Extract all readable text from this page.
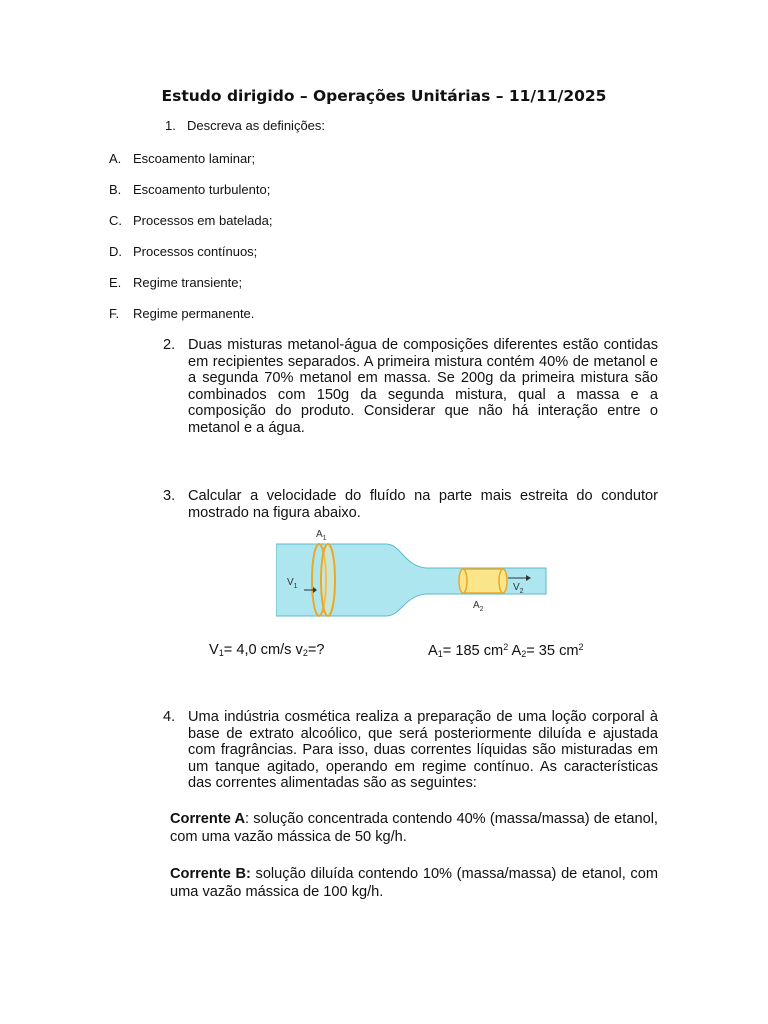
Estudo dirigido – Operações Unitárias – 11/11/2025
1. Descreva as definições:
A. Escoamento laminar;
B. Escoamento turbulento;
C. Processos em batelada;
D. Processos contínuos;
E. Regime transiente;
F. Regime permanente.
2. Duas misturas metanol-água de composições diferentes estão contidas em recipientes separados. A primeira mistura contém 40% de metanol e a segunda 70% metanol em massa. Se 200g da primeira mistura são combinados com 150g da segunda mistura, qual a massa e a composição do produto. Considerar que não há interação entre o metanol e a água.
3. Calcular a velocidade do fluído na parte mais estreita do condutor mostrado na figura abaixo.
$A_1$
$A_2$
$V_1$	$V_2$
$V_1= 4,0$ cm/s $v_2=$?	$A_1= 185$ $cm^2$ $A_2= 35$ $cm^2$
4. Uma indústria cosmética realiza a preparação de uma loção corporal à base de extrato alcoólico, que será posteriormente diluída e ajustada com fragrâncias. Para isso, duas correntes líquidas são misturadas em um tanque agitado, operando em regime contínuo. As características das correntes alimentadas são as seguintes:
Corrente A: solução concentrada contendo 40% (massa/massa) de etanol, com uma vazão mássica de 50 kg/h.
Corrente B: solução diluída contendo 10% (massa/massa) de etanol, com uma vazão mássica de 100 kg/h.
